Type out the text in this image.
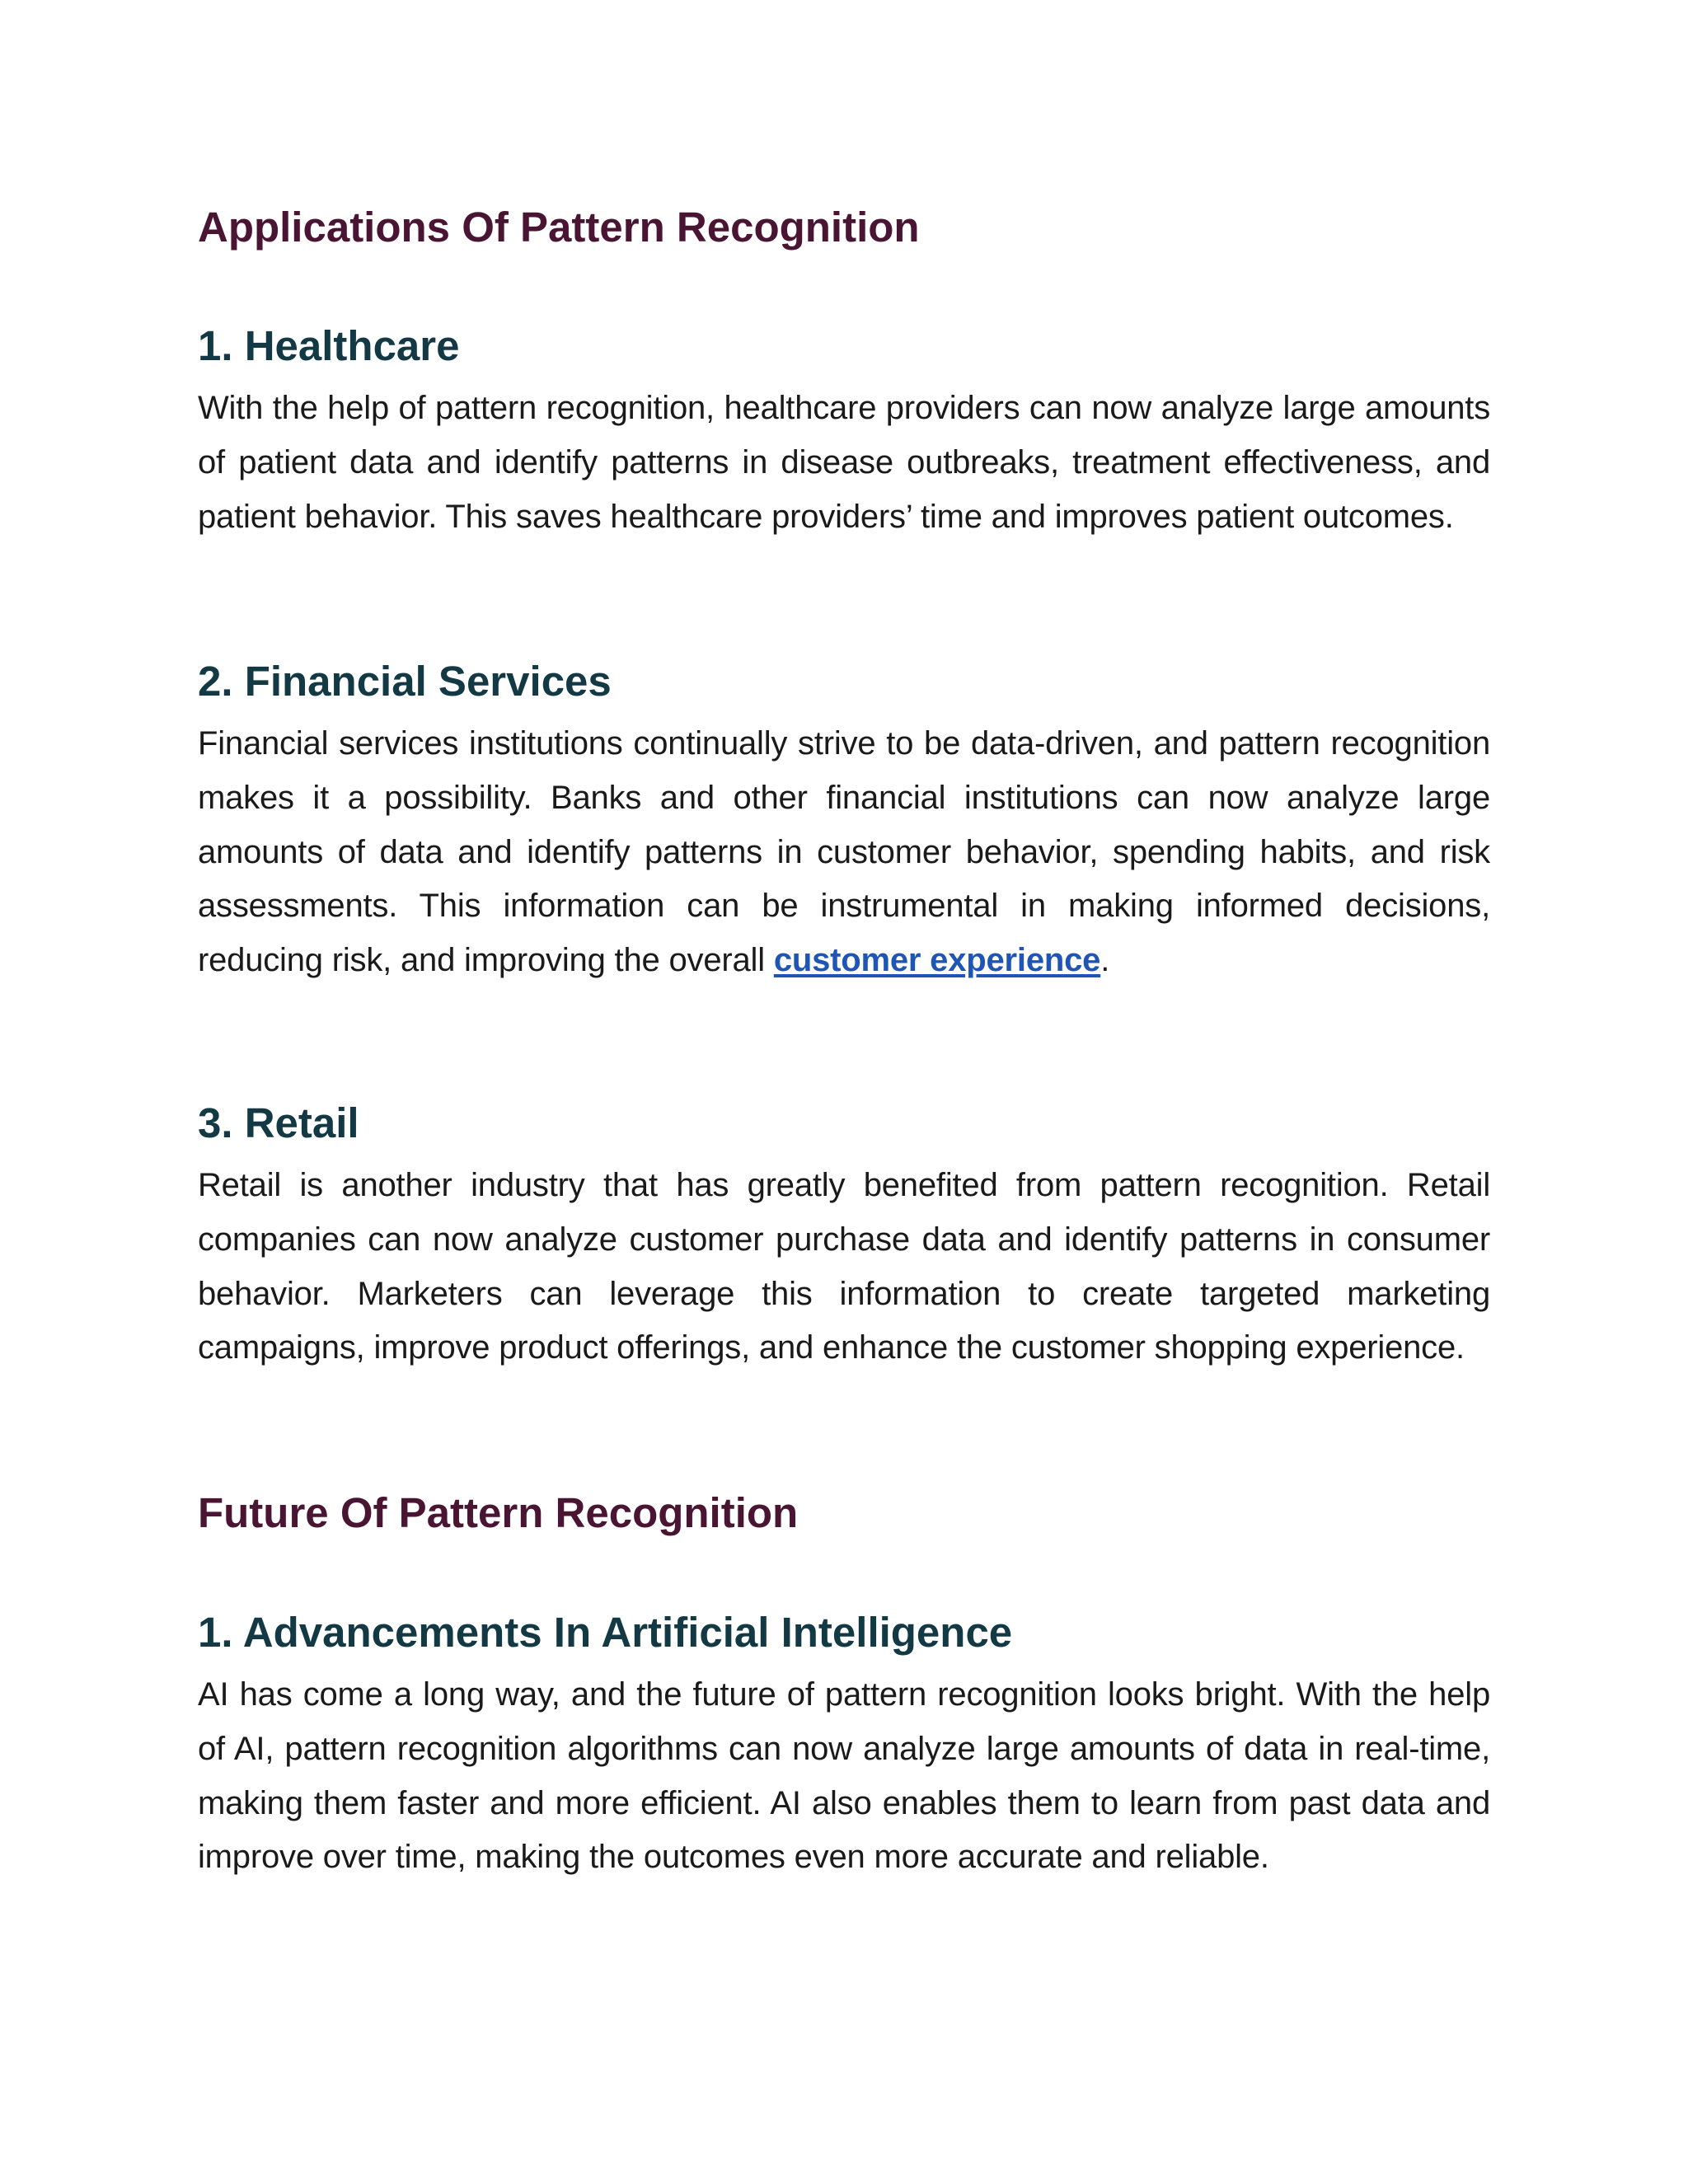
Applications Of Pattern Recognition
1. Healthcare

With the help of pattern recognition, healthcare providers can now analyze large amounts of patient data and identify patterns in disease outbreaks, treatment effectiveness, and patient behavior. This saves healthcare providers’ time and improves patient outcomes.

2. Financial Services

Financial services institutions continually strive to be data-driven, and pattern recognition makes it a possibility. Banks and other financial institutions can now analyze large amounts of data and identify patterns in customer behavior, spending habits, and risk assessments. This information can be instrumental in making informed decisions, reducing risk, and improving the overall customer experience.

3. Retail

Retail is another industry that has greatly benefited from pattern recognition. Retail companies can now analyze customer purchase data and identify patterns in consumer behavior. Marketers can leverage this information to create targeted marketing campaigns, improve product offerings, and enhance the customer shopping experience.

Future Of Pattern Recognition
1. Advancements In Artificial Intelligence

AI has come a long way, and the future of pattern recognition looks bright. With the help of AI, pattern recognition algorithms can now analyze large amounts of data in real-time, making them faster and more efficient. AI also enables them to learn from past data and improve over time, making the outcomes even more accurate and reliable.
